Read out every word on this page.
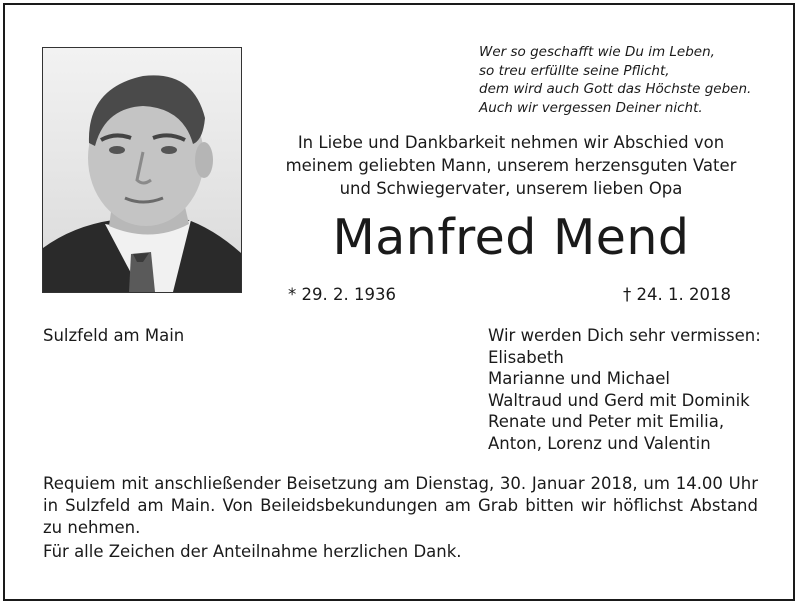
Wer so geschafft wie Du im Leben,
so treu erfüllte seine Pflicht,
dem wird auch Gott das Höchste geben.
Auch wir vergessen Deiner nicht.
In Liebe und Dankbarkeit nehmen wir Abschied von
meinem geliebten Mann, unserem herzensguten Vater
und Schwiegervater, unserem lieben Opa
Manfred Mend
* 29. 2. 1936	† 24. 1. 2018
Sulzfeld am Main	Wir werden Dich sehr vermissen:
Elisabeth
Marianne und Michael
Waltraud und Gerd mit Dominik
Renate und Peter mit Emilia,
Anton, Lorenz und Valentin
Requiem mit anschließender Beisetzung am Dienstag, 30. Januar 2018, um 14.00 Uhr in Sulzfeld am Main. Von Beileidsbekundungen am Grab bitten wir höflichst Abstand zu nehmen.
Für alle Zeichen der Anteilnahme herzlichen Dank.
